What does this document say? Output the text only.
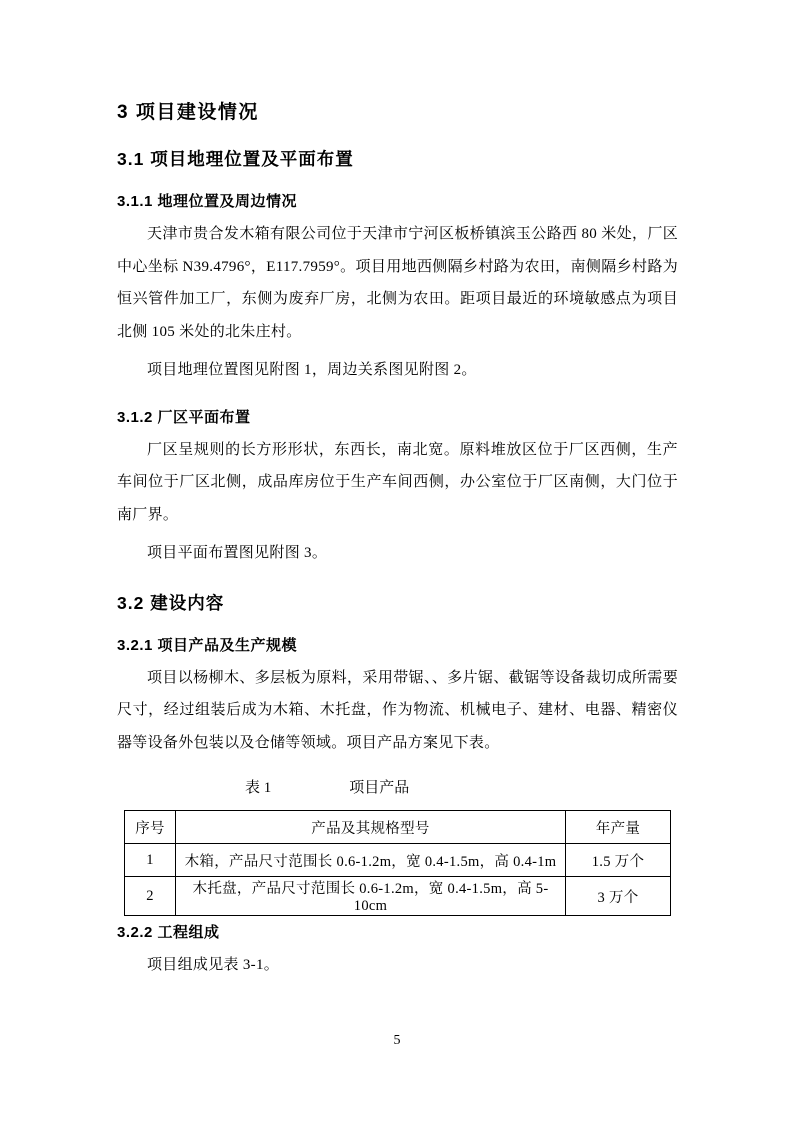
3 项目建设情况
3.1 项目地理位置及平面布置
3.1.1 地理位置及周边情况

天津市贵合发木箱有限公司位于天津市宁河区板桥镇滨玉公路西 80 米处，厂区中心坐标 N39.4796°，E117.7959°。项目用地西侧隔乡村路为农田，南侧隔乡村路为恒兴管件加工厂，东侧为废弃厂房，北侧为农田。距项目最近的环境敏感点为项目北侧 105 米处的北朱庄村。

项目地理位置图见附图 1，周边关系图见附图 2。

3.1.2 厂区平面布置

厂区呈规则的长方形形状，东西长，南北宽。原料堆放区位于厂区西侧，生产车间位于厂区北侧，成品库房位于生产车间西侧，办公室位于厂区南侧，大门位于南厂界。

项目平面布置图见附图 3。

3.2 建设内容
3.2.1 项目产品及生产规模

项目以杨柳木、多层板为原料，采用带锯、、多片锯、截锯等设备裁切成所需要尺寸，经过组装后成为木箱、木托盘，作为物流、机械电子、建材、电器、精密仪器等设备外包装以及仓储等领域。项目产品方案见下表。

表 1	项目产品
序号	产品及其规格型号	年产量
1	木箱，产品尺寸范围长 0.6-1.2m，宽 0.4-1.5m，高 0.4-1m	1.5 万个
2	木托盘，产品尺寸范围长 0.6-1.2m，宽 0.4-1.5m，高 5-10cm	3 万个
3.2.2 工程组成

项目组成见表 3-1。

5
